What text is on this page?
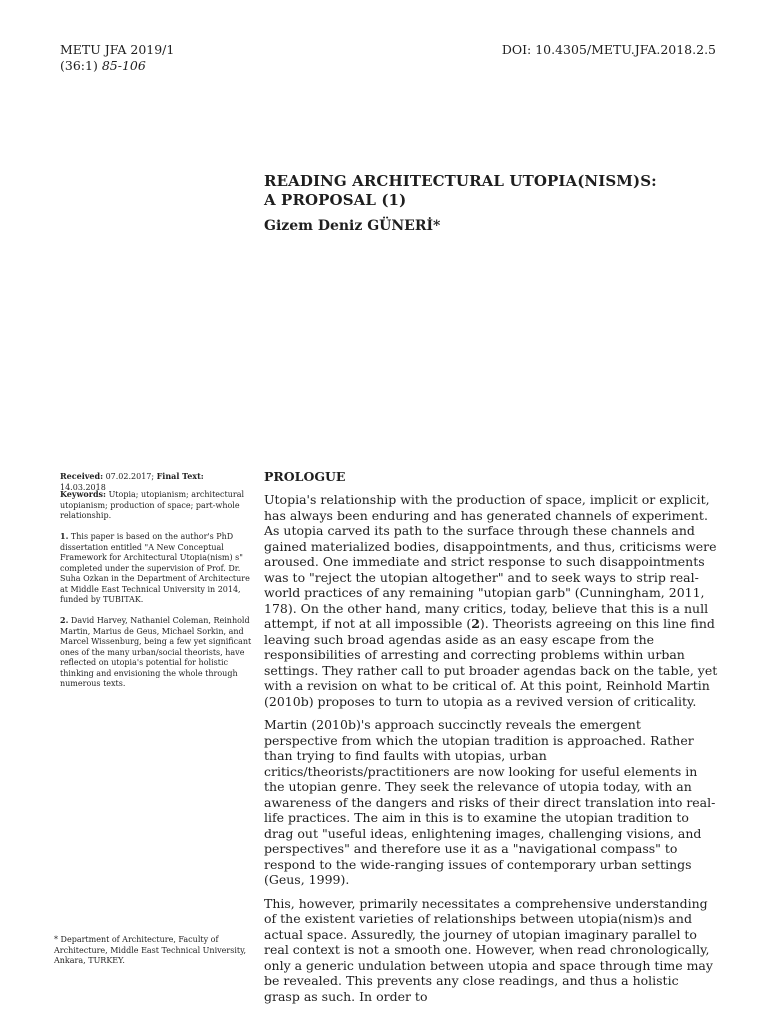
METU JFA 2019/1
(36:1) 85-106
DOI: 10.4305/METU.JFA.2018.2.5
READING ARCHITECTURAL UTOPIA(NISM)S:
A PROPOSAL (1)
Gizem Deniz GÜNERİ*
Received: 07.02.2017; Final Text: 14.03.2018
Keywords: Utopia; utopianism; architectural utopianism; production of space; part-whole relationship.
1. This paper is based on the author's PhD dissertation entitled "A New Conceptual Framework for Architectural Utopia(nism) s" completed under the supervision of Prof. Dr. Suha Ozkan in the Department of Architecture at Middle East Technical University in 2014, funded by TUBITAK.
2. David Harvey, Nathaniel Coleman, Reinhold Martin, Marius de Geus, Michael Sorkin, and Marcel Wissenburg, being a few yet significant ones of the many urban/social theorists, have reflected on utopia's potential for holistic thinking and envisioning the whole through numerous texts.
* Department of Architecture, Faculty of Architecture, Middle East Technical University, Ankara, TURKEY.
PROLOGUE

Utopia's relationship with the production of space, implicit or explicit, has always been enduring and has generated channels of experiment. As utopia carved its path to the surface through these channels and gained materialized bodies, disappointments, and thus, criticisms were aroused. One immediate and strict response to such disappointments was to "reject the utopian altogether" and to seek ways to strip real-world practices of any remaining "utopian garb" (Cunningham, 2011, 178). On the other hand, many critics, today, believe that this is a null attempt, if not at all impossible (2). Theorists agreeing on this line find leaving such broad agendas aside as an easy escape from the responsibilities of arresting and correcting problems within urban settings. They rather call to put broader agendas back on the table, yet with a revision on what to be critical of. At this point, Reinhold Martin (2010b) proposes to turn to utopia as a revived version of criticality.

Martin (2010b)'s approach succinctly reveals the emergent perspective from which the utopian tradition is approached. Rather than trying to find faults with utopias, urban critics/theorists/practitioners are now looking for useful elements in the utopian genre. They seek the relevance of utopia today, with an awareness of the dangers and risks of their direct translation into real-life practices. The aim in this is to examine the utopian tradition to drag out "useful ideas, enlightening images, challenging visions, and perspectives" and therefore use it as a "navigational compass" to respond to the wide-ranging issues of contemporary urban settings (Geus, 1999).

This, however, primarily necessitates a comprehensive understanding of the existent varieties of relationships between utopia(nism)s and actual space. Assuredly, the journey of utopian imaginary parallel to real context is not a smooth one. However, when read chronologically, only a generic undulation between utopia and space through time may be revealed. This prevents any close readings, and thus a holistic grasp as such. In order to
